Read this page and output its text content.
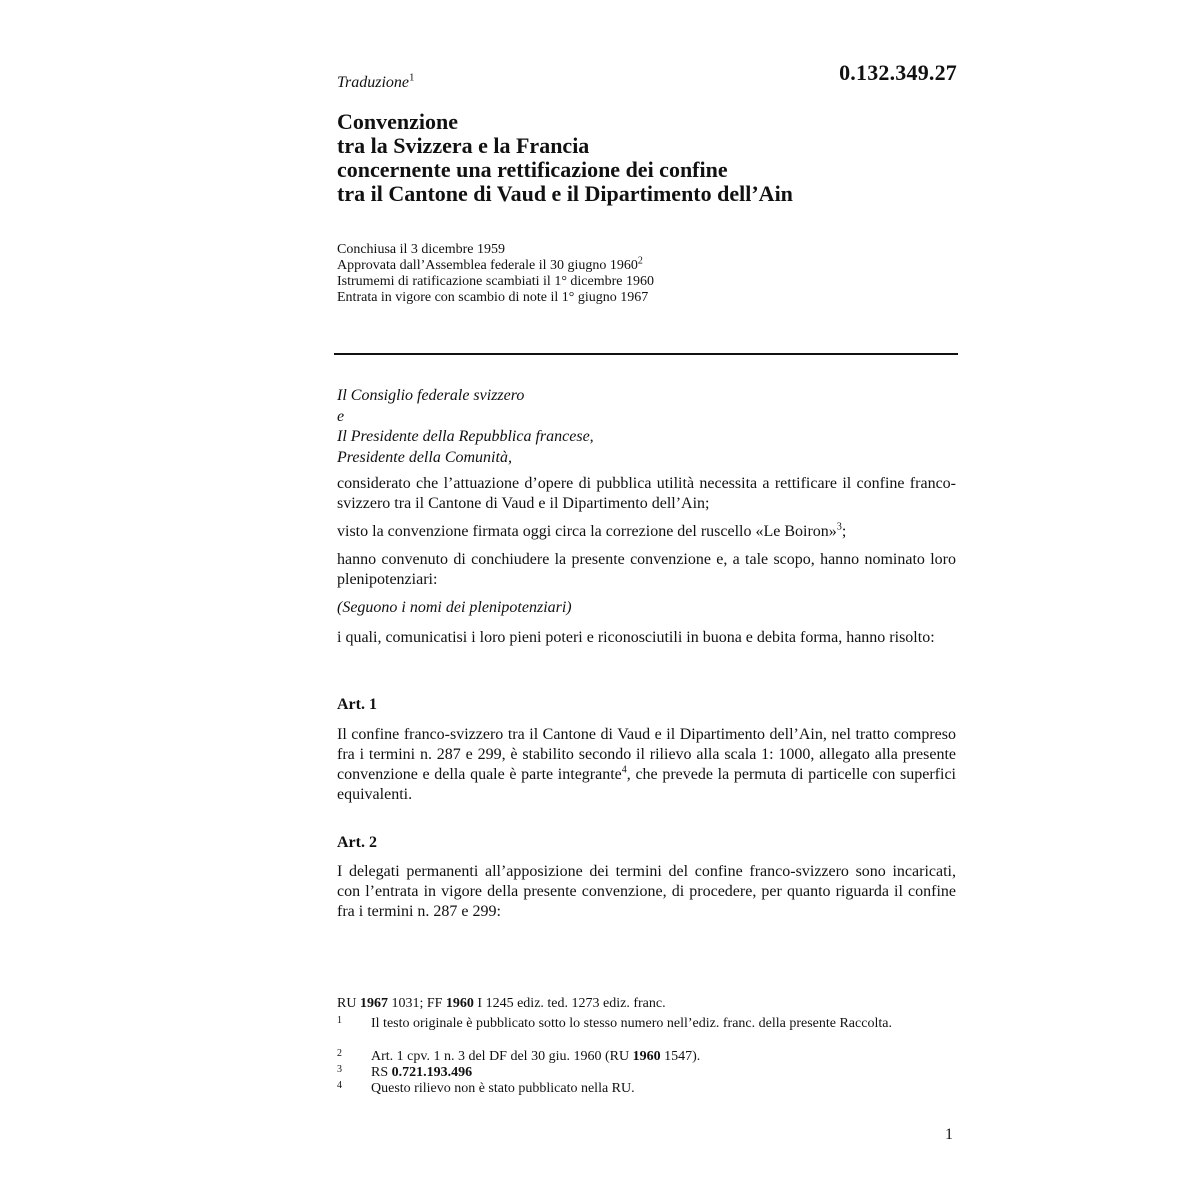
0.132.349.27
Traduzione$^1$
Convenzione
tra la Svizzera e la Francia
concernente una rettificazione dei confine
tra il Cantone di Vaud e il Dipartimento dell’Ain
Conchiusa il 3 dicembre 1959
Approvata dall’Assemblea federale il 30 giugno 1960$^2$
Istrumemi di ratificazione scambiati il 1° dicembre 1960
Entrata in vigore con scambio di note il 1° giugno 1967
Il Consiglio federale svizzero
e
Il Presidente della Repubblica francese,
Presidente della Comunità,
considerato che l’attuazione d’opere di pubblica utilità necessita a rettificare il confine franco-svizzero tra il Cantone di Vaud e il Dipartimento dell’Ain;
visto la convenzione firmata oggi circa la correzione del ruscello «Le Boiron»$^3$;
hanno convenuto di conchiudere la presente convenzione e, a tale scopo, hanno nominato loro plenipotenziari:
(Seguono i nomi dei plenipotenziari)
i quali, comunicatisi i loro pieni poteri e riconosciutili in buona e debita forma, hanno risolto:
Art. 1
Il confine franco-svizzero tra il Cantone di Vaud e il Dipartimento dell’Ain, nel tratto compreso fra i termini n. 287 e 299, è stabilito secondo il rilievo alla scala 1: 1000, allegato alla presente convenzione e della quale è parte integrante$^4$, che prevede la permuta di particelle con superfici equivalenti.
Art. 2
I delegati permanenti all’apposizione dei termini del confine franco-svizzero sono incaricati, con l’entrata in vigore della presente convenzione, di procedere, per quanto riguarda il confine fra i termini n. 287 e 299:
RU 1967 1031; FF 1960 I 1245 ediz. ted. 1273 ediz. franc.
1 Il testo originale è pubblicato sotto lo stesso numero nell’ediz. franc. della presente Raccolta.
2 Art. 1 cpv. 1 n. 3 del DF del 30 giu. 1960 (RU 1960 1547).
3 RS 0.721.193.496
4 Questo rilievo non è stato pubblicato nella RU.
1
